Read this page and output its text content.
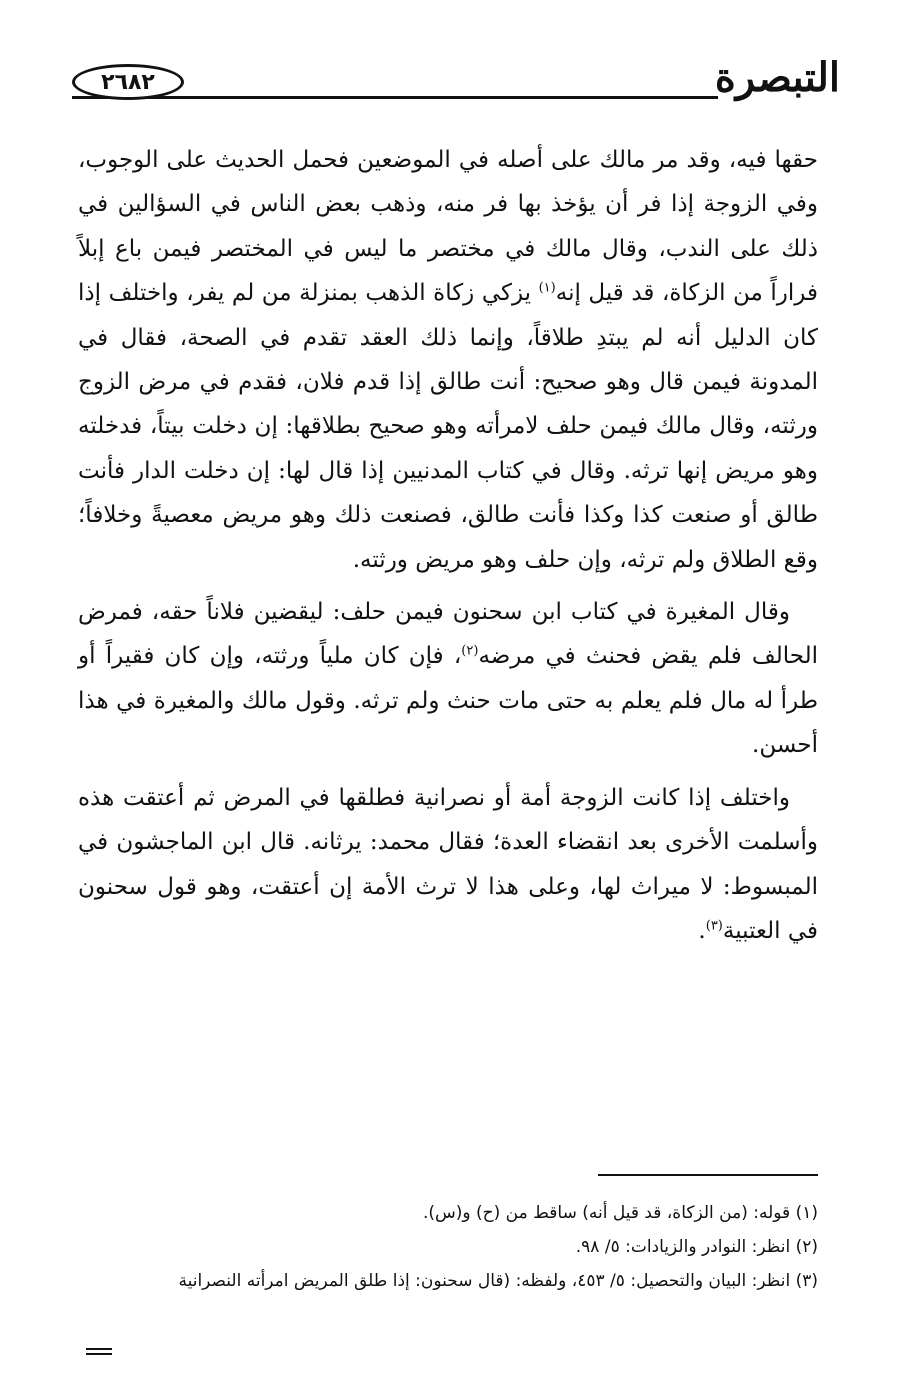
٢٦٨٢	التبصرة

حقها فيه، وقد مر مالك على أصله في الموضعين فحمل الحديث على الوجوب، وفي الزوجة إذا فر أن يؤخذ بها فر منه، وذهب بعض الناس في السؤالين في ذلك على الندب، وقال مالك في مختصر ما ليس في المختصر فيمن باع إبلاً فراراً من الزكاة، قد قيل إنه$^{(١)}$ يزكي زكاة الذهب بمنزلة من لم يفر، واختلف إذا كان الدليل أنه لم يبتدِ طلاقاً، وإنما ذلك العقد تقدم في الصحة، فقال في المدونة فيمن قال وهو صحيح: أنت طالق إذا قدم فلان، فقدم في مرض الزوج ورثته، وقال مالك فيمن حلف لامرأته وهو صحيح بطلاقها: إن دخلت بيتاً، فدخلته وهو مريض إنها ترثه. وقال في كتاب المدنيين إذا قال لها: إن دخلت الدار فأنت طالق أو صنعت كذا وكذا فأنت طالق، فصنعت ذلك وهو مريض معصيةً وخلافاً؛ وقع الطلاق ولم ترثه، وإن حلف وهو مريض ورثته.

وقال المغيرة في كتاب ابن سحنون فيمن حلف: ليقضين فلاناً حقه، فمرض الحالف فلم يقض فحنث في مرضه$^{(٢)}$، فإن كان ملياً ورثته، وإن كان فقيراً أو طرأ له مال فلم يعلم به حتى مات حنث ولم ترثه. وقول مالك والمغيرة في هذا أحسن.

واختلف إذا كانت الزوجة أمة أو نصرانية فطلقها في المرض ثم أعتقت هذه وأسلمت الأخرى بعد انقضاء العدة؛ فقال محمد: يرثانه. قال ابن الماجشون في المبسوط: لا ميراث لها، وعلى هذا لا ترث الأمة إن أعتقت، وهو قول سحنون في العتبية$^{(٣)}$.

(١) قوله: (من الزكاة، قد قيل أنه) ساقط من (ح) و(س).

(٢) انظر: النوادر والزيادات: ٥/ ٩٨.

(٣) انظر: البيان والتحصيل: ٥/ ٤٥٣، ولفظه: (قال سحنون: إذا طلق المريض امرأته النصرانية
